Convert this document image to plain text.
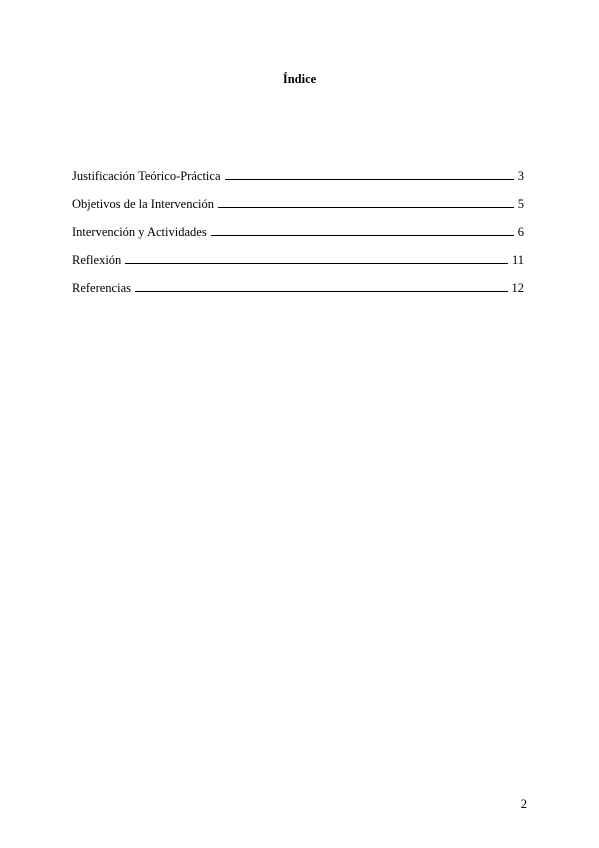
Índice
Justificación Teórico-Práctica	3
Objetivos de la Intervención	5
Intervención y Actividades	6
Reflexión	11
Referencias	12
2
